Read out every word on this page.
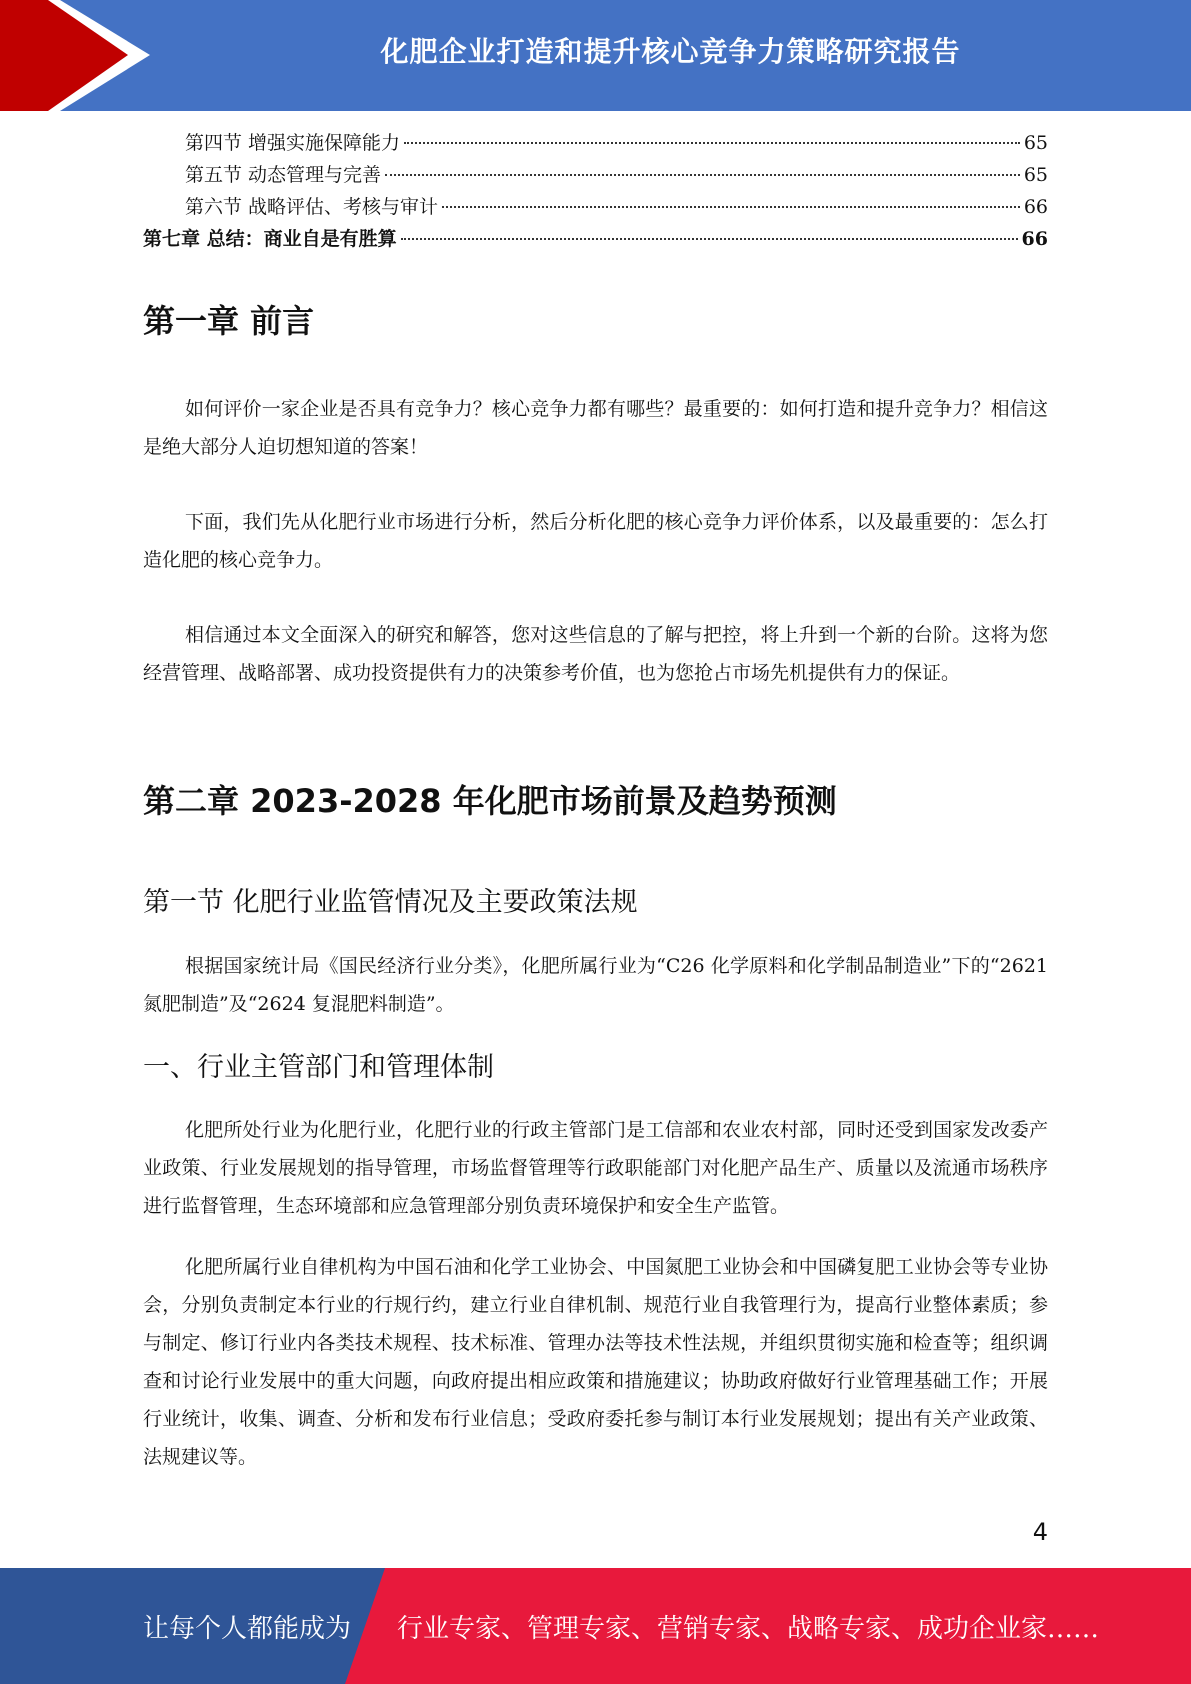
化肥企业打造和提升核心竞争力策略研究报告
第四节 增强实施保障能力	65
第五节 动态管理与完善	65
第六节 战略评估、考核与审计	66
第七章 总结：商业自是有胜算	66
第一章 前言

如何评价一家企业是否具有竞争力？核心竞争力都有哪些？最重要的：如何打造和提升竞争力？相信这是绝大部分人迫切想知道的答案！

下面，我们先从化肥行业市场进行分析，然后分析化肥的核心竞争力评价体系，以及最重要的：怎么打造化肥的核心竞争力。

相信通过本文全面深入的研究和解答，您对这些信息的了解与把控，将上升到一个新的台阶。这将为您经营管理、战略部署、成功投资提供有力的决策参考价值，也为您抢占市场先机提供有力的保证。

第二章 2023-2028 年化肥市场前景及趋势预测
第一节 化肥行业监管情况及主要政策法规

根据国家统计局《国民经济行业分类》，化肥所属行业为“C26 化学原料和化学制品制造业”下的“2621 氮肥制造”及“2624 复混肥料制造”。

一、行业主管部门和管理体制

化肥所处行业为化肥行业，化肥行业的行政主管部门是工信部和农业农村部，同时还受到国家发改委产业政策、行业发展规划的指导管理，市场监督管理等行政职能部门对化肥产品生产、质量以及流通市场秩序进行监督管理，生态环境部和应急管理部分别负责环境保护和安全生产监管。

化肥所属行业自律机构为中国石油和化学工业协会、中国氮肥工业协会和中国磷复肥工业协会等专业协会，分别负责制定本行业的行规行约，建立行业自律机制、规范行业自我管理行为，提高行业整体素质；参与制定、修订行业内各类技术规程、技术标准、管理办法等技术性法规，并组织贯彻实施和检查等；组织调查和讨论行业发展中的重大问题，向政府提出相应政策和措施建议；协助政府做好行业管理基础工作；开展行业统计，收集、调查、分析和发布行业信息；受政府委托参与制订本行业发展规划；提出有关产业政策、法规建议等。

4
让每个人都能成为 行业专家、管理专家、营销专家、战略专家、成功企业家……
